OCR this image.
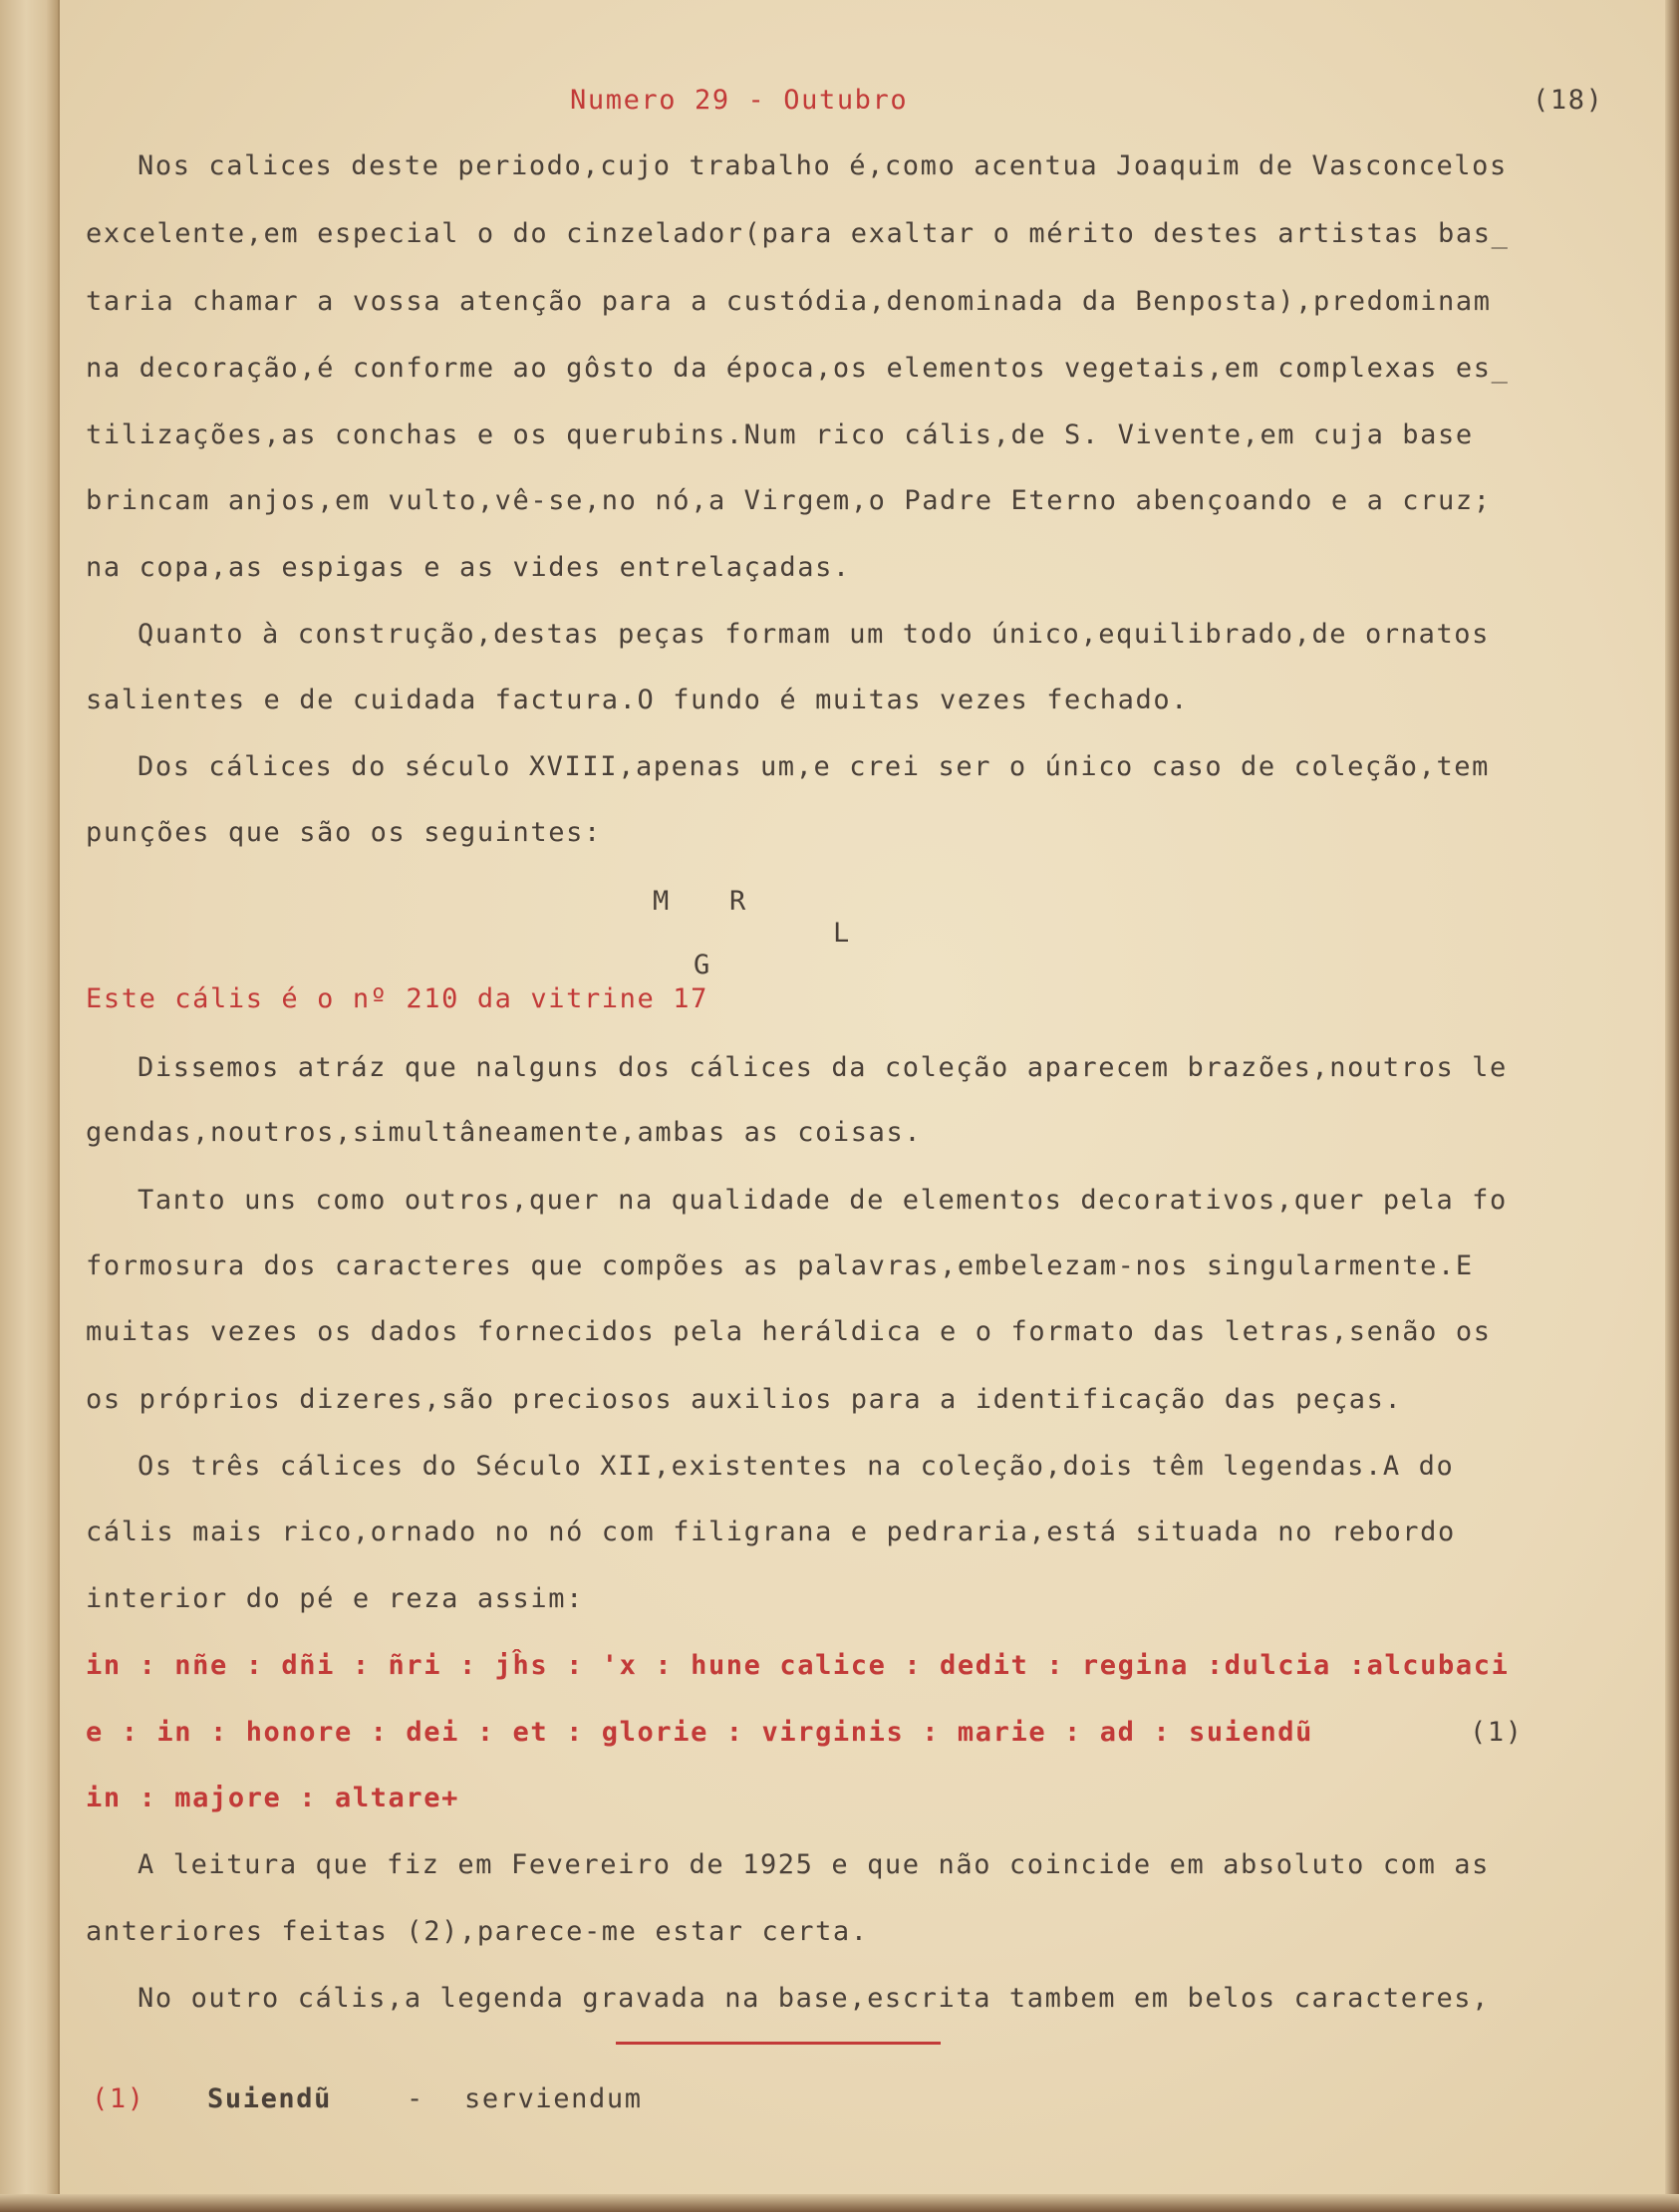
Numero 29 - Outubro	(18)
Nos calices deste periodo,cujo trabalho é,como acentua Joaquim de Vasconcelos
excelente,em especial o do cinzelador(para exaltar o mérito destes artistas bas_
taria chamar a vossa atenção para a custódia,denominada da Benposta),predominam
na decoração,é conforme ao gôsto da época,os elementos vegetais,em complexas es_
tilizações,as conchas e os querubins.Num rico cális,de S. Vivente,em cuja base
brincam anjos,em vulto,vê-se,no nó,a Virgem,o Padre Eterno abençoando e a cruz;
na copa,as espigas e as vides entrelaçadas.
Quanto à construção,destas peças formam um todo único,equilibrado,de ornatos
salientes e de cuidada factura.O fundo é muitas vezes fechado.
Dos cálices do século XVIII,apenas um,e crei ser o único caso de coleção,tem
punções que são os seguintes:
M R
L
G
Este cális é o nº 210 da vitrine 17
Dissemos atráz que nalguns dos cálices da coleção aparecem brazões,noutros le
gendas,noutros,simultâneamente,ambas as coisas.
Tanto uns como outros,quer na qualidade de elementos decorativos,quer pela fo
formosura dos caracteres que compões as palavras,embelezam-nos singularmente.E
muitas vezes os dados fornecidos pela heráldica e o formato das letras,senão os
os próprios dizeres,são preciosos auxilios para a identificação das peças.
Os três cálices do Século XII,existentes na coleção,dois têm legendas.A do
cális mais rico,ornado no nó com filigrana e pedraria,está situada no rebordo
interior do pé e reza assim:
in : nñe : dñi : ñri : jĥs : 'x : hune calice : dedit : regina :dulcia :alcubaci
e : in : honore : dei : et : glorie : virginis : marie : ad : suiendũ	(1)
in : majore : altare+
A leitura que fiz em Fevereiro de 1925 e que não coincide em absoluto com as
anteriores feitas (2),parece-me estar certa.
No outro cális,a legenda gravada na base,escrita tambem em belos caracteres,
(1) Suiendũ	- serviendum
